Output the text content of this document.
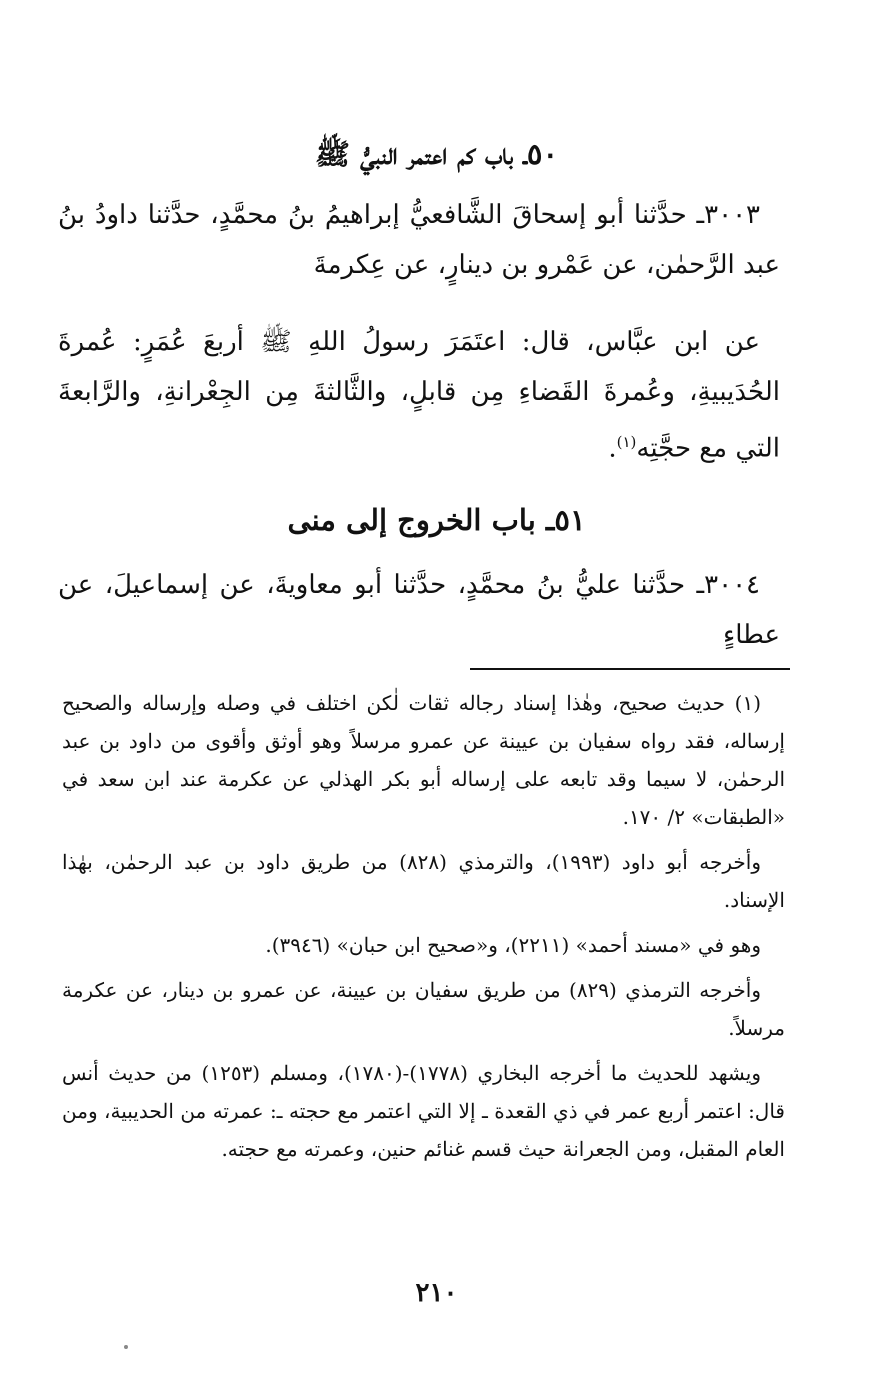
٥٠ـ باب كم اعتمر النبيُّ ﷺ

٣٠٠٣ـ حدَّثنا أبو إسحاقَ الشَّافعيُّ إبراهيمُ بنُ محمَّدٍ، حدَّثنا داودُ بنُ عبد الرَّحمٰن، عن عَمْرو بن دينارٍ، عن عِكرمةَ

عن ابن عبَّاس، قال: اعتَمَرَ رسولُ اللهِ ﷺ أربعَ عُمَرٍ: عُمرةَ الحُدَيبيةِ، وعُمرةَ القَضاءِ مِن قابلٍ، والثَّالثةَ مِن الجِعْرانةِ، والرَّابعةَ التي مع حجَّتِه$^{(١)}$.

٥١ـ باب الخروج إلى منى

٣٠٠٤ـ حدَّثنا عليُّ بنُ محمَّدٍ، حدَّثنا أبو معاويةَ، عن إسماعيلَ، عن عطاءٍ

(١) حديث صحيح، وهٰذا إسناد رجاله ثقات لٰكن اختلف في وصله وإرساله والصحيح إرساله، فقد رواه سفيان بن عيينة عن عمرو مرسلاً وهو أوثق وأقوى من داود بن عبد الرحمٰن، لا سيما وقد تابعه على إرساله أبو بكر الهذلي عن عكرمة عند ابن سعد في «الطبقات» ٢/ ١٧٠.

وأخرجه أبو داود (١٩٩٣)، والترمذي (٨٢٨) من طريق داود بن عبد الرحمٰن، بهٰذا الإسناد.

وهو في «مسند أحمد» (٢٢١١)، و«صحيح ابن حبان» (٣٩٤٦).

وأخرجه الترمذي (٨٢٩) من طريق سفيان بن عيينة، عن عمرو بن دينار، عن عكرمة مرسلاً.

ويشهد للحديث ما أخرجه البخاري (١٧٧٨)-(١٧٨٠)، ومسلم (١٢٥٣) من حديث أنس قال: اعتمر أربع عمر في ذي القعدة ـ إلا التي اعتمر مع حجته ـ: عمرته من الحديبية، ومن العام المقبل، ومن الجعرانة حيث قسم غنائم حنين، وعمرته مع حجته.

٢١٠
